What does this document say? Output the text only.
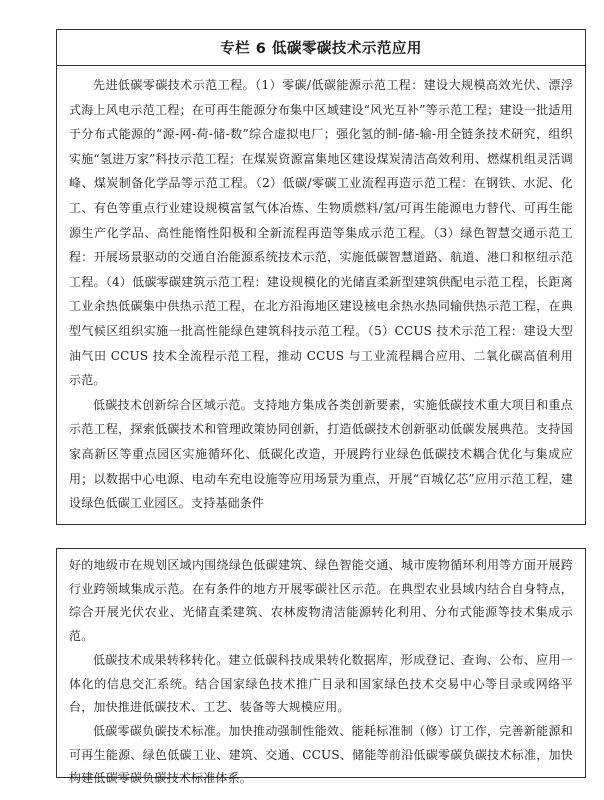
专栏 6 低碳零碳技术示范应用

先进低碳零碳技术示范工程。（1）零碳/低碳能源示范工程：建设大规模高效光伏、漂浮式海上风电示范工程；在可再生能源分布集中区域建设“风光互补”等示范工程；建设一批适用于分布式能源的“源-网-荷-储-数”综合虚拟电厂；强化氢的制-储-输-用全链条技术研究，组织实施“氢进万家”科技示范工程；在煤炭资源富集地区建设煤炭清洁高效利用、燃煤机组灵活调峰、煤炭制备化学品等示范工程。（2）低碳/零碳工业流程再造示范工程：在钢铁、水泥、化工、有色等重点行业建设规模富氢气体冶炼、生物质燃料/氢/可再生能源电力替代、可再生能源生产化学品、高性能惰性阳极和全新流程再造等集成示范工程。（3）绿色智慧交通示范工程：开展场景驱动的交通自治能源系统技术示范，实施低碳智慧道路、航道、港口和枢纽示范工程。（4）低碳零碳建筑示范工程：建设规模化的光储直柔新型建筑供配电示范工程，长距离工业余热低碳集中供热示范工程，在北方沿海地区建设核电余热水热同输供热示范工程，在典型气候区组织实施一批高性能绿色建筑科技示范工程。（5）CCUS 技术示范工程：建设大型油气田 CCUS 技术全流程示范工程，推动 CCUS 与工业流程耦合应用、二氧化碳高值利用示范。

低碳技术创新综合区域示范。支持地方集成各类创新要素，实施低碳技术重大项目和重点示范工程，探索低碳技术和管理政策协同创新，打造低碳技术创新驱动低碳发展典范。支持国家高新区等重点园区实施循环化、低碳化改造，开展跨行业绿色低碳技术耦合优化与集成应用；以数据中心电源、电动车充电设施等应用场景为重点，开展“百城亿芯”应用示范工程，建设绿色低碳工业园区。支持基础条件

好的地级市在规划区域内围绕绿色低碳建筑、绿色智能交通、城市废物循环利用等方面开展跨行业跨领域集成示范。在有条件的地方开展零碳社区示范。在典型农业县域内结合自身特点，综合开展光伏农业、光储直柔建筑、农林废物清洁能源转化利用、分布式能源等技术集成示范。

低碳技术成果转移转化。建立低碳科技成果转化数据库，形成登记、查询、公布、应用一体化的信息交汇系统。结合国家绿色技术推广目录和国家绿色技术交易中心等目录或网络平台，加快推进低碳技术、工艺、装备等大规模应用。

低碳零碳负碳技术标准。加快推动强制性能效、能耗标准制（修）订工作，完善新能源和可再生能源、绿色低碳工业、建筑、交通、CCUS、储能等前沿低碳零碳负碳技术标准，加快构建低碳零碳负碳技术标准体系。
